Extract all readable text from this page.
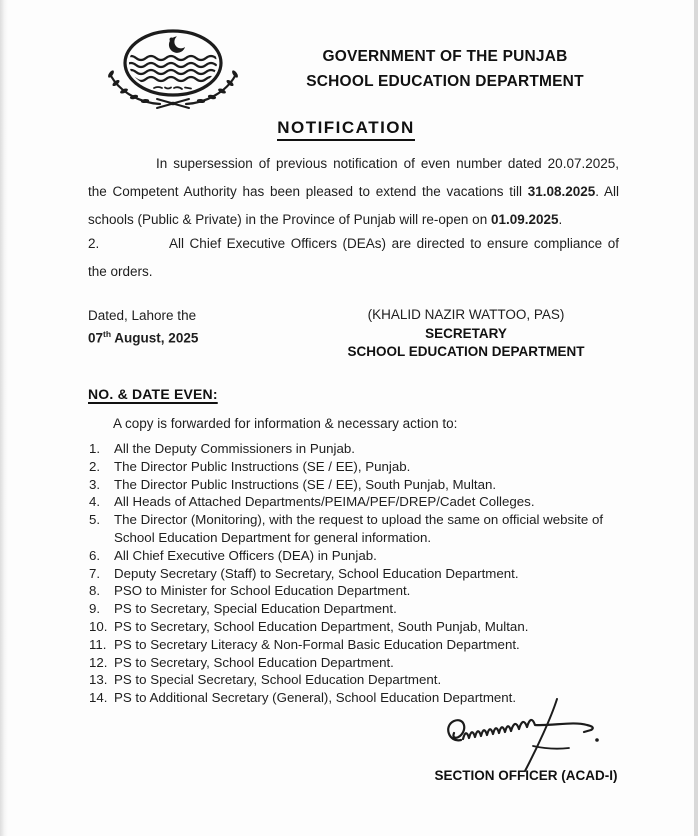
GOVERNMENT OF THE PUNJAB
SCHOOL EDUCATION DEPARTMENT
NOTIFICATION

In supersession of previous notification of even number dated 20.07.2025, the Competent Authority has been pleased to extend the vacations till 31.08.2025. All schools (Public & Private) in the Province of Punjab will re-open on 01.09.2025.

2.	All Chief Executive Officers (DEAs) are directed to ensure compliance of the orders.

Dated, Lahore the
07th August, 2025
(KHALID NAZIR WATTOO, PAS)
SECRETARY
SCHOOL EDUCATION DEPARTMENT
NO. & DATE EVEN:
A copy is forwarded for information & necessary action to:
1.	All the Deputy Commissioners in Punjab.
2.	The Director Public Instructions (SE / EE), Punjab.
3.	The Director Public Instructions (SE / EE), South Punjab, Multan.
4.	All Heads of Attached Departments/PEIMA/PEF/DREP/Cadet Colleges.
5.	The Director (Monitoring), with the request to upload the same on official website of School Education Department for general information.
6.	All Chief Executive Officers (DEA) in Punjab.
7.	Deputy Secretary (Staff) to Secretary, School Education Department.
8.	PSO to Minister for School Education Department.
9.	PS to Secretary, Special Education Department.
10. PS to Secretary, School Education Department, South Punjab, Multan.
11. PS to Secretary Literacy & Non-Formal Basic Education Department.
12. PS to Secretary, School Education Department.
13. PS to Special Secretary, School Education Department.
14. PS to Additional Secretary (General), School Education Department.
SECTION OFFICER (ACAD-I)
